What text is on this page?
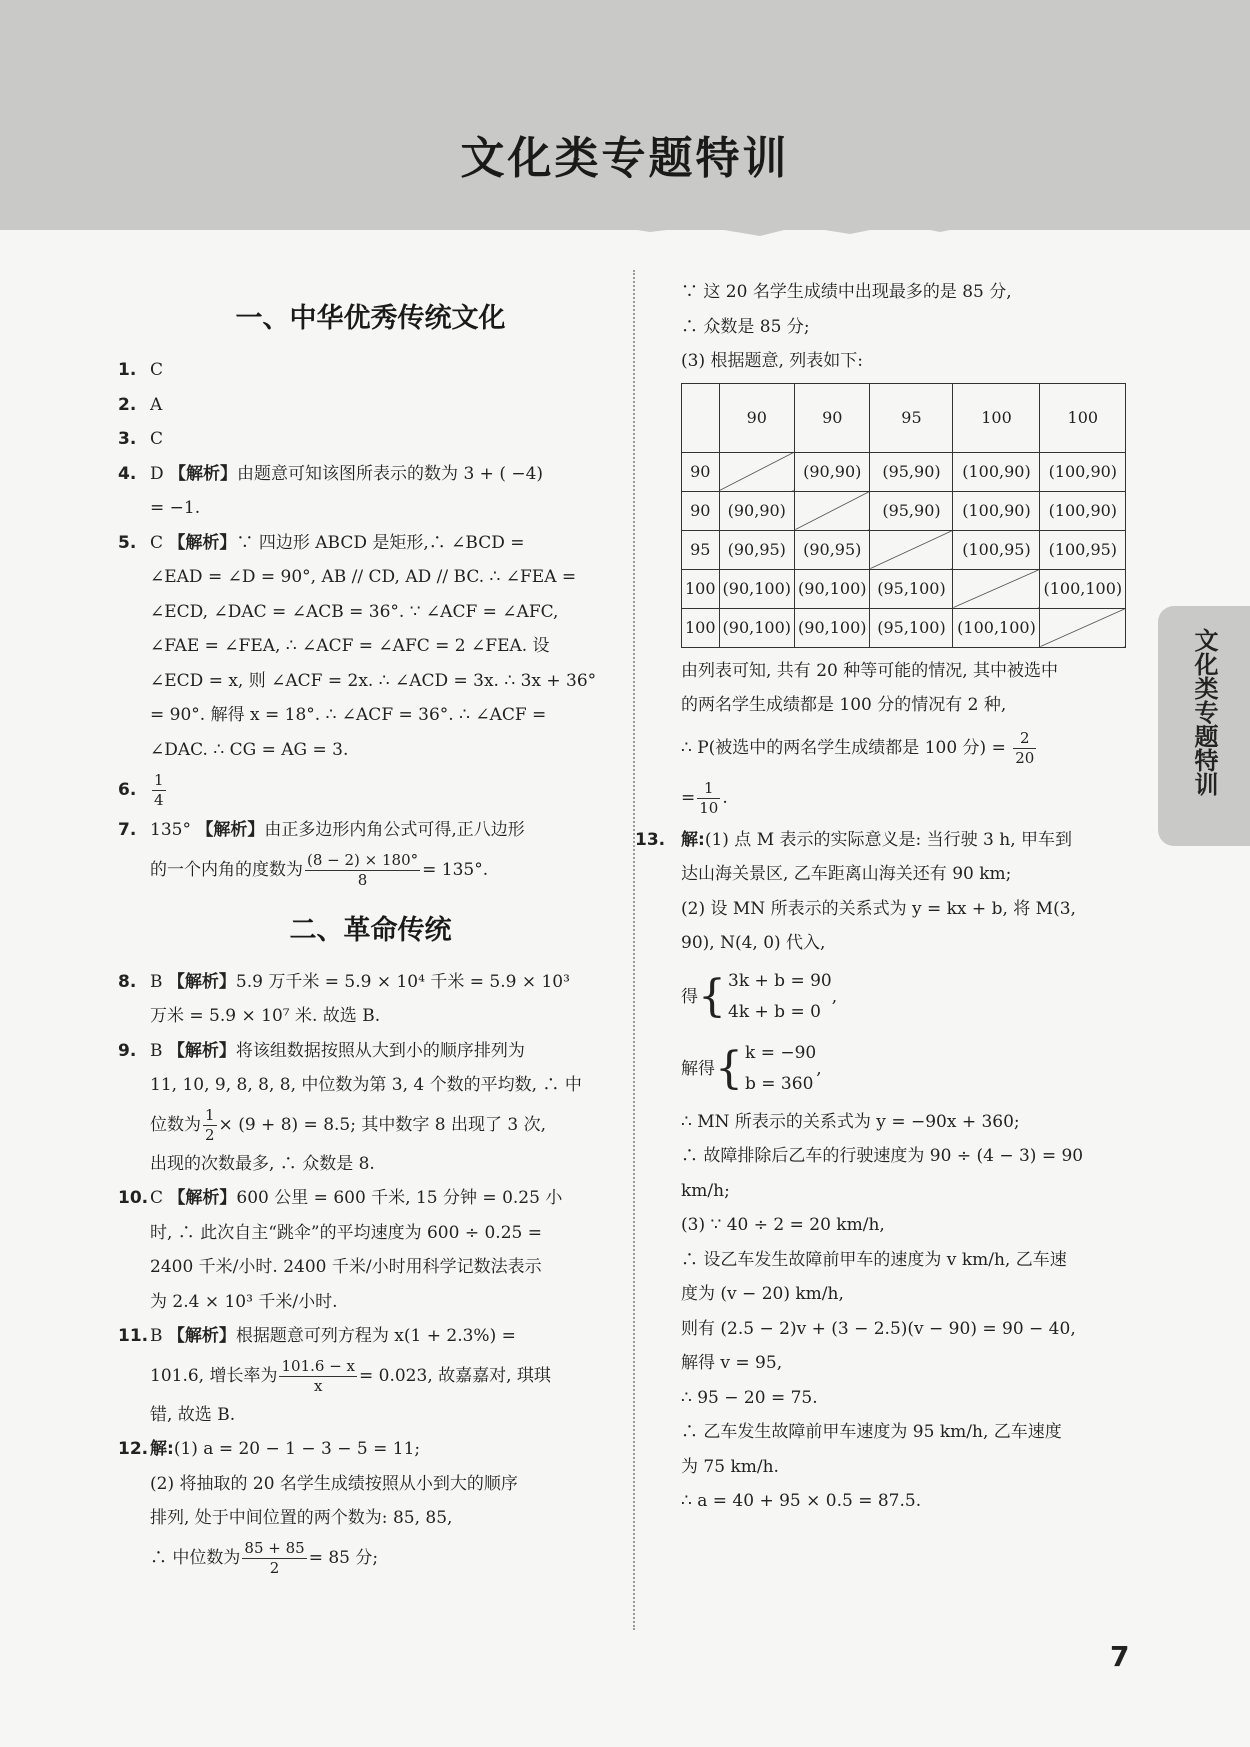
文化类专题特训
一、中华优秀传统文化
1. C
2. A
3. C
4. D 【解析】由题意可知该图所表示的数为 3 + ( −4)
= −1.
5. C 【解析】∵ 四边形 ABCD 是矩形,∴ ∠BCD =
∠EAD = ∠D = 90°, AB // CD, AD // BC. ∴ ∠FEA =
∠ECD, ∠DAC = ∠ACB = 36°. ∵ ∠ACF = ∠AFC,
∠FAE = ∠FEA, ∴ ∠ACF = ∠AFC = 2 ∠FEA. 设
∠ECD = x, 则 ∠ACF = 2x. ∴ ∠ACD = 3x. ∴ 3x + 36°
= 90°. 解得 x = 18°. ∴ ∠ACF = 36°. ∴ ∠ACF =
∠DAC. ∴ CG = AG = 3.
6. $\frac{1}{4}$
7. 135° 【解析】由正多边形内角公式可得,正八边形
的一个内角的度数为 $\frac{(8 - 2) \times 180^\circ}{8} = 135^\circ$.
二、革命传统
8. B 【解析】5.9 万千米 = 5.9 × 10⁴ 千米 = 5.9 × 10³
万米 = 5.9 × 10⁷ 米. 故选 B.
9. B 【解析】将该组数据按照从大到小的顺序排列为
11, 10, 9, 8, 8, 8, 中位数为第 3, 4 个数的平均数, ∴ 中
位数为 $\frac{1}{2} \times (9 + 8) = 8.5$; 其中数字 8 出现了 3 次,
出现的次数最多, ∴ 众数是 8.
10. C 【解析】600 公里 = 600 千米, 15 分钟 = 0.25 小
时, ∴ 此次自主“跳伞”的平均速度为 600 ÷ 0.25 =
2400 千米/小时. 2400 千米/小时用科学记数法表示
为 2.4 × 10³ 千米/小时.
11. B 【解析】根据题意可列方程为 x(1 + 2.3%) =
101.6, 增长率为 $\frac{101.6 - x}{x} = 0.023$, 故嘉嘉对, 琪琪
错, 故选 B.
12. 解:(1) a = 20 − 1 − 3 − 5 = 11;
(2) 将抽取的 20 名学生成绩按照从小到大的顺序
排列, 处于中间位置的两个数为: 85, 85,
∴ 中位数为 $\frac{85 + 85}{2} = 85$ 分;
∵ 这 20 名学生成绩中出现最多的是 85 分,
∴ 众数是 85 分;
(3) 根据题意, 列表如下:
	90	90	95	100	100
90		(90,90)	(95,90)	(100,90)	(100,90)
90	(90,90)		(95,90)	(100,90)	(100,90)
95	(90,95)	(90,95)		(100,95)	(100,95)
100	(90,100)	(90,100)	(95,100)		(100,100)
100	(90,100)	(90,100)	(95,100)	(100,100)	
由列表可知, 共有 20 种等可能的情况, 其中被选中
的两名学生成绩都是 100 分的情况有 2 种,
∴ P(被选中的两名学生成绩都是 100 分) = $\frac{2}{20}$
= $\frac{1}{10}$ .
13. 解:(1) 点 M 表示的实际意义是: 当行驶 3 h, 甲车到
达山海关景区, 乙车距离山海关还有 90 km;
(2) 设 MN 所表示的关系式为 y = kx + b, 将 M(3,
90), N(4, 0) 代入,
得{ 3k + b = 90
4k + b = 0,
解得{ k = −90
b = 360,
∴ MN 所表示的关系式为 y = −90x + 360;
∴ 故障排除后乙车的行驶速度为 90 ÷ (4 − 3) = 90
km/h;
(3) ∵ 40 ÷ 2 = 20 km/h,
∴ 设乙车发生故障前甲车的速度为 v km/h, 乙车速
度为 (v − 20) km/h,
则有 (2.5 − 2)v + (3 − 2.5)(v − 90) = 90 − 40,
解得 v = 95,
∴ 95 − 20 = 75.
∴ 乙车发生故障前甲车速度为 95 km/h, 乙车速度
为 75 km/h.
∴ a = 40 + 95 × 0.5 = 87.5.
文化类专题特训
7
